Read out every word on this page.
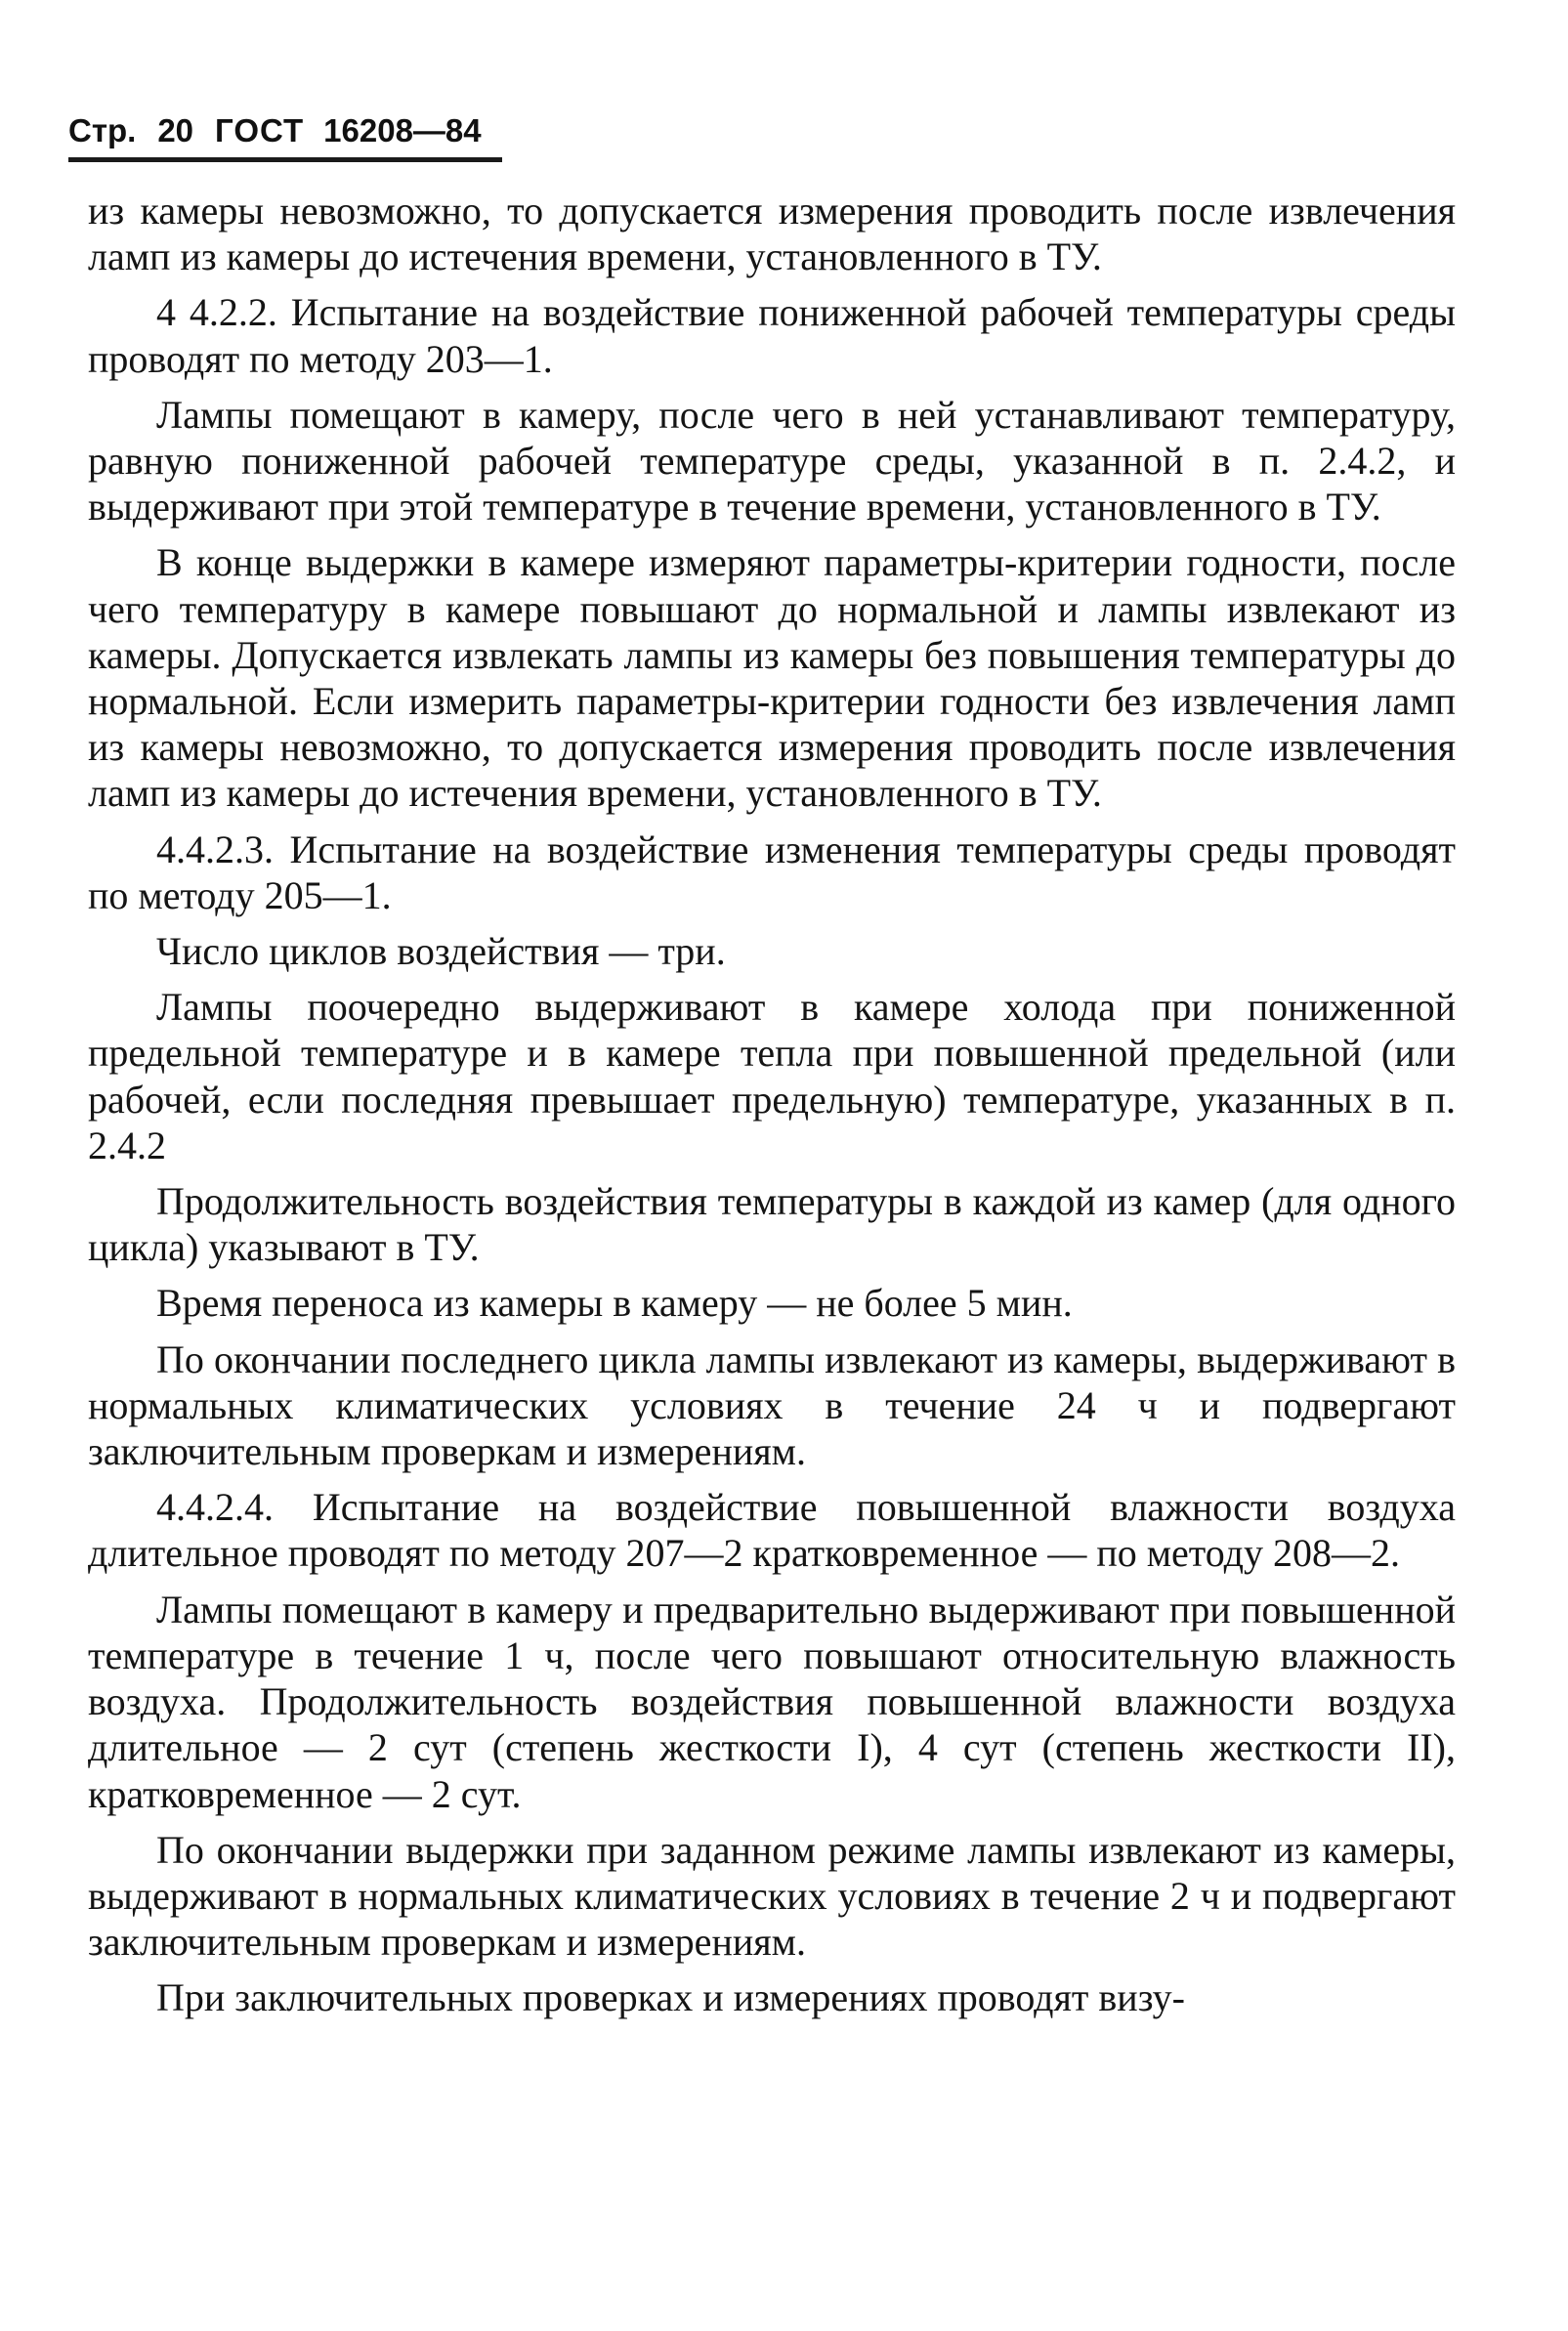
Стр. 20 ГОСТ 16208—84

из камеры невозможно, то допускается измерения проводить после извлечения ламп из камеры до истечения времени, установленного в ТУ.

4 4.2.2. Испытание на воздействие пониженной рабочей температуры среды проводят по методу 203—1.

Лампы помещают в камеру, после чего в ней устанавливают температуру, равную пониженной рабочей температуре среды, указанной в п. 2.4.2, и выдерживают при этой температуре в течение времени, установленного в ТУ.

В конце выдержки в камере измеряют параметры-критерии годности, после чего температуру в камере повышают до нормальной и лампы извлекают из камеры. Допускается извлекать лампы из камеры без повышения температуры до нормальной. Если измерить параметры-критерии годности без извлечения ламп из камеры невозможно, то допускается измерения проводить после извлечения ламп из камеры до истечения времени, установленного в ТУ.

4.4.2.3. Испытание на воздействие изменения температуры среды проводят по методу 205—1.

Число циклов воздействия — три.

Лампы поочередно выдерживают в камере холода при пониженной предельной температуре и в камере тепла при повышенной предельной (или рабочей, если последняя превышает предельную) температуре, указанных в п. 2.4.2

Продолжительность воздействия температуры в каждой из камер (для одного цикла) указывают в ТУ.

Время переноса из камеры в камеру — не более 5 мин.

По окончании последнего цикла лампы извлекают из камеры, выдерживают в нормальных климатических условиях в течение 24 ч и подвергают заключительным проверкам и измерениям.

4.4.2.4. Испытание на воздействие повышенной влажности воздуха длительное проводят по методу 207—2 кратковременное — по методу 208—2.

Лампы помещают в камеру и предварительно выдерживают при повышенной температуре в течение 1 ч, после чего повышают относительную влажность воздуха. Продолжительность воздействия повышенной влажности воздуха длительное — 2 сут (степень жесткости I), 4 сут (степень жесткости II), кратковременное — 2 сут.

По окончании выдержки при заданном режиме лампы извлекают из камеры, выдерживают в нормальных климатических условиях в течение 2 ч и подвергают заключительным проверкам и измерениям.

При заключительных проверках и измерениях проводят визу-
